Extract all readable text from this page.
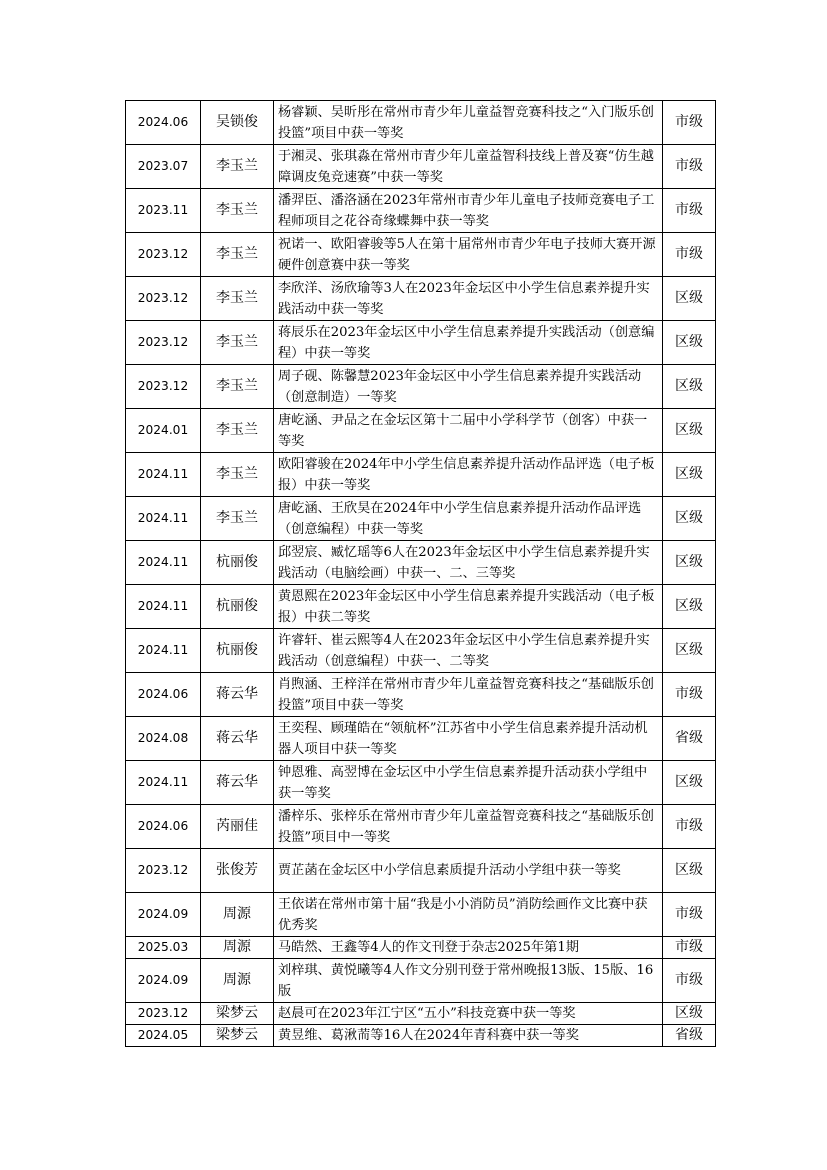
2024.06	吴锁俊	杨睿颖、吴昕彤在常州市青少年儿童益智竞赛科技之“入门版乐创投篮”项目中获一等奖	市级
2023.07	李玉兰	于湘灵、张琪淼在常州市青少年儿童益智科技线上普及赛“仿生越障调皮兔竞速赛”中获一等奖	市级
2023.11	李玉兰	潘羿臣、潘洛涵在2023年常州市青少年儿童电子技师竞赛电子工程师项目之花谷奇缘蝶舞中获一等奖	市级
2023.12	李玉兰	祝诺一、欧阳睿骏等5人在第十届常州市青少年电子技师大赛开源硬件创意赛中获一等奖	市级
2023.12	李玉兰	李欣洋、汤欣瑜等3人在2023年金坛区中小学生信息素养提升实践活动中获一等奖	区级
2023.12	李玉兰	蒋辰乐在2023年金坛区中小学生信息素养提升实践活动（创意编程）中获一等奖	区级
2023.12	李玉兰	周子砚、陈馨慧2023年金坛区中小学生信息素养提升实践活动（创意制造）一等奖	区级
2024.01	李玉兰	唐屹涵、尹品之在金坛区第十二届中小学科学节（创客）中获一等奖	区级
2024.11	李玉兰	欧阳睿骏在2024年中小学生信息素养提升活动作品评选（电子板报）中获一等奖	区级
2024.11	李玉兰	唐屹涵、王欣昊在2024年中小学生信息素养提升活动作品评选（创意编程）中获一等奖	区级
2024.11	杭丽俊	邱翌宸、臧忆瑶等6人在2023年金坛区中小学生信息素养提升实践活动（电脑绘画）中获一、二、三等奖	区级
2024.11	杭丽俊	黄恩熙在2023年金坛区中小学生信息素养提升实践活动（电子板报）中获二等奖	区级
2024.11	杭丽俊	许睿轩、崔云熙等4人在2023年金坛区中小学生信息素养提升实践活动（创意编程）中获一、二等奖	区级
2024.06	蒋云华	肖煦涵、王梓洋在常州市青少年儿童益智竞赛科技之“基础版乐创投篮”项目中获一等奖	市级
2024.08	蒋云华	王奕程、顾瑾皓在“领航杯”江苏省中小学生信息素养提升活动机器人项目中获一等奖	省级
2024.11	蒋云华	钟恩雅、高翌博在金坛区中小学生信息素养提升活动获小学组中获一等奖	区级
2024.06	芮丽佳	潘梓乐、张梓乐在常州市青少年儿童益智竞赛科技之“基础版乐创投篮”项目中一等奖	市级
2023.12	张俊芳	贾芷菡在金坛区中小学信息素质提升活动小学组中获一等奖	区级
2024.09	周源	王依诺在常州市第十届“我是小小消防员”消防绘画作文比赛中获优秀奖	市级
2025.03	周源	马皓然、王鑫等4人的作文刊登于杂志2025年第1期	市级
2024.09	周源	刘梓琪、黄悦曦等4人作文分别刊登于常州晚报13版、15版、16版	市级
2023.12	梁梦云	赵晨可在2023年江宁区“五小”科技竞赛中获一等奖	区级
2024.05	梁梦云	黄昱维、葛湫荋等16人在2024年青科赛中获一等奖	省级
